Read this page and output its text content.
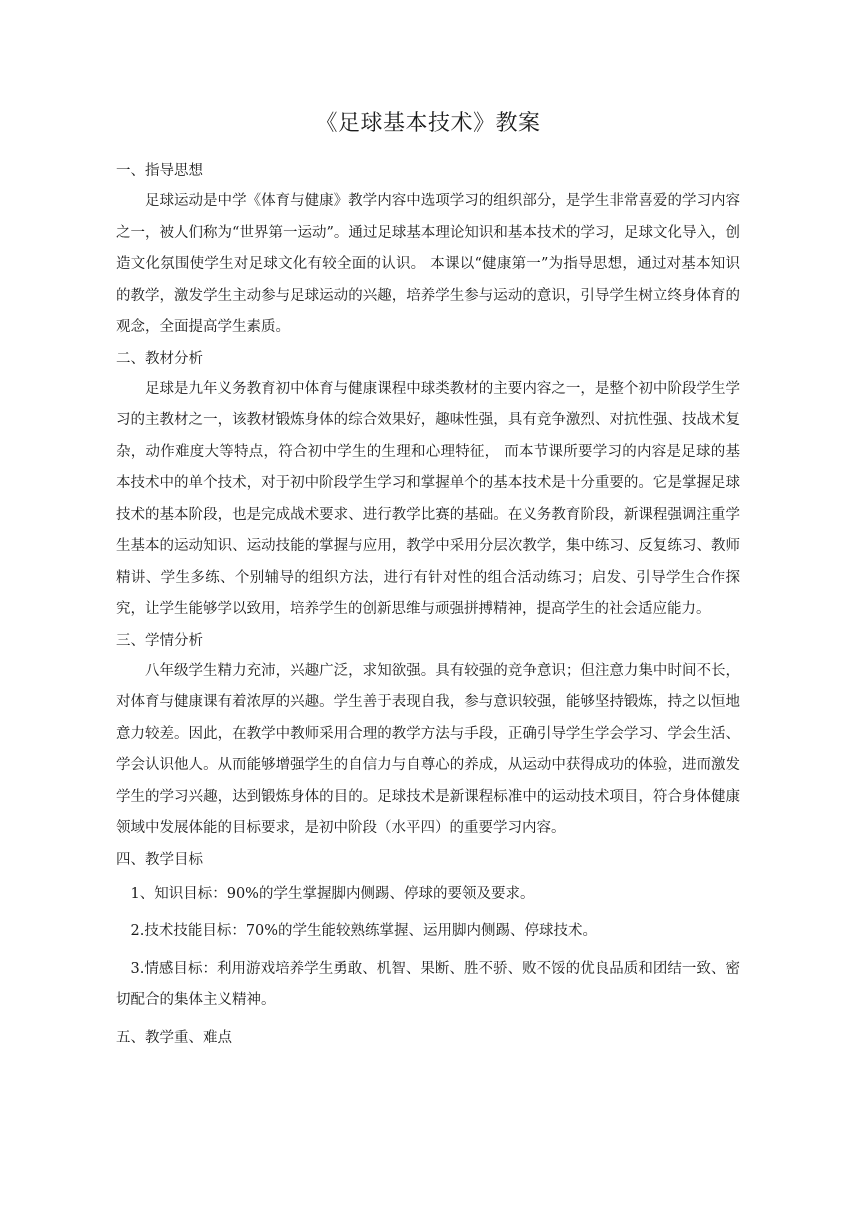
《足球基本技术》教案

一、指导思想

足球运动是中学《体育与健康》教学内容中选项学习的组织部分，是学生非常喜爱的学习内容之一，被人们称为“世界第一运动”。通过足球基本理论知识和基本技术的学习，足球文化导入，创造文化氛围使学生对足球文化有较全面的认识。 本课以“健康第一”为指导思想，通过对基本知识的教学，激发学生主动参与足球运动的兴趣，培养学生参与运动的意识，引导学生树立终身体育的观念，全面提高学生素质。

二、教材分析

足球是九年义务教育初中体育与健康课程中球类教材的主要内容之一，是整个初中阶段学生学习的主教材之一，该教材锻炼身体的综合效果好，趣味性强，具有竞争激烈、对抗性强、技战术复杂，动作难度大等特点，符合初中学生的生理和心理特征， 而本节课所要学习的内容是足球的基本技术中的单个技术，对于初中阶段学生学习和掌握单个的基本技术是十分重要的。它是掌握足球技术的基本阶段，也是完成战术要求、进行教学比赛的基础。在义务教育阶段，新课程强调注重学生基本的运动知识、运动技能的掌握与应用，教学中采用分层次教学，集中练习、反复练习、教师精讲、学生多练、个别辅导的组织方法，进行有针对性的组合活动练习；启发、引导学生合作探究，让学生能够学以致用，培养学生的创新思维与顽强拼搏精神，提高学生的社会适应能力。

三、学情分析

八年级学生精力充沛，兴趣广泛，求知欲强。具有较强的竞争意识；但注意力集中时间不长，对体育与健康课有着浓厚的兴趣。学生善于表现自我，参与意识较强，能够坚持锻炼，持之以恒地意力较差。因此，在教学中教师采用合理的教学方法与手段，正确引导学生学会学习、学会生活、学会认识他人。从而能够增强学生的自信力与自尊心的养成，从运动中获得成功的体验，进而激发学生的学习兴趣，达到锻炼身体的目的。足球技术是新课程标准中的运动技术项目，符合身体健康领域中发展体能的目标要求，是初中阶段（水平四）的重要学习内容。

四、教学目标

1、知识目标：90%的学生掌握脚内侧踢、停球的要领及要求。

2.技术技能目标：70%的学生能较熟练掌握、运用脚内侧踢、停球技术。

3.情感目标：利用游戏培养学生勇敢、机智、果断、胜不骄、败不馁的优良品质和团结一致、密切配合的集体主义精神。

五、教学重、难点
